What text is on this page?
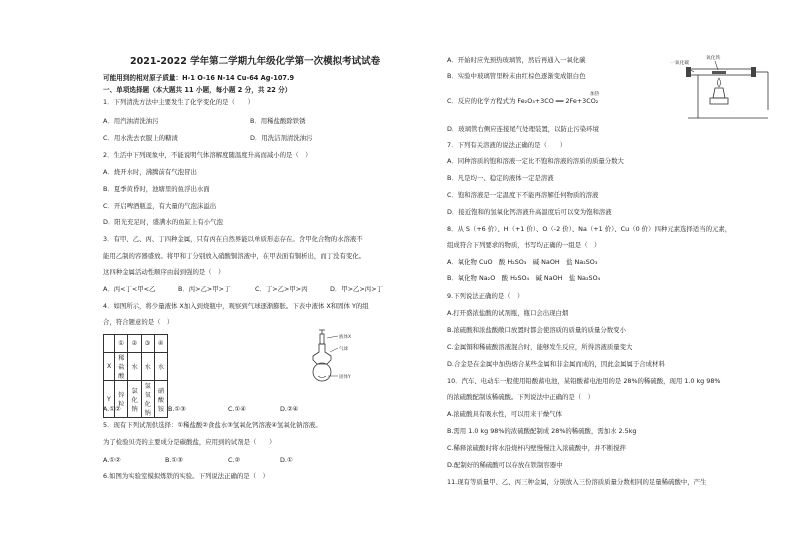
2021-2022 学年第二学期九年级化学第一次模拟考试试卷
可能用到的相对原子质量：H-1 O-16 N-14 Cu-64 Ag-107.9
一、单项选择题（本大题共 11 小题，每小题 2 分，共 22 分）
1．下列清洗方法中主要发生了化学变化的是（　　）
A．用汽油清洗油污	B．用稀盐酸除铁锈
C．用水洗去衣服上的糖渍	D．用洗洁剂清洗油污
2．生活中下列现象中，不能说明气体溶解度随温度升高而减小的是（　）
A．烧开水时，沸腾前有气泡冒出
B．夏季黄昏时，池塘里的鱼浮出水面
C．开启啤酒瓶盖，有大量的气泡沫溢出
D．阳光充足时，盛满水的鱼缸上有小气泡
3．有甲、乙、丙、丁四种金属，只有丙在自然界能以单质形态存在。含甲化合物的水溶液不
能用乙制的容器盛放。将甲和丁分别放入硝酸铜溶液中，在甲表面有铜析出，而丁没有变化。
这四种金属活动性顺序由弱到强的是（　）
A．丙<丁<甲<乙	B．丙>乙>甲>丁	C．丁>乙>甲>丙	D．甲>乙>丙>丁
4．如图所示，将少量液体 X加入到烧瓶中，观察到气球逐渐膨胀。下表中液体 X和固体 Y的组
合，符合题意的是（　）
	①	②	③	④
X	稀盐酸	水	水	水
Y	锌粒	氯化钠	氢氧化钠	硝酸铵
液体X
气球
固体Y
A.①②	B.①③	C.①④	D.②④
5．现有下列试剂供选择：①稀盐酸②食盐水③氢氧化钙溶液④氢氧化钠溶液。
为了检验贝壳的主要成分是碳酸盐，应用到的试剂是（　　）
A.①②	B.①③	C.②	D.①
6.如图为实验室模拟炼铁的实验。下列说法正确的是（　）
A．开始时应先预热玻璃管，然后再通入一氧化碳
B．实验中玻璃管里粉末由红棕色逐渐变成银白色
加热
C．反应的化学方程式为 Fe₂O₃+3CO ══ 2Fe+3CO₂
D．玻璃管右侧应连接尾气处理装置，以防止污染环境
一氧化碳
氧化铁
7．下列有关溶液的说法正确的是（　　）
A．同种溶质的饱和溶液一定比不饱和溶液的溶质的质量分数大
B．凡是均一、稳定的液体一定是溶液
C．饱和溶液是一定温度下不能再溶解任何物质的溶液
D．接近饱和的氢氧化钙溶液升高温度后可以变为饱和溶液
8．从 S（+6 价）、H（+1 价）、O（-2 价）、Na（+1 价）、Cu（0 价）四种元素选择适当的元素，
组成符合下列要求的物质，书写均正确的一组是（　）
A．氧化物 CuO　酸 H₂SO₃　碱 NaOH　盐 Na₂SO₃
B．氧化物 Na₂O　酸 H₂SO₄　碱 NaOH　盐 Na₂SO₄
9.下列说法正确的是（　）
A.打开盛浓盐酸的试剂瓶，瓶口会出现白烟
B.浓硫酸和浓盐酸敞口放置时都会使溶质的质量的质量分数变小
C.金属铜和稀硫酸溶液混合时，能够发生反应，所得溶液质量变大
D.合金是在金属中加热熔合某些金属和非金属而成的，因此金属属于合成材料
10．汽车、电动车一般使用铅酸蓄电池，某铅酸蓄电池用的是 28%的稀硫酸，现用 1.0 kg 98%
的浓硫酸配制该稀硫酸。下列说法中正确的是（　）
A.浓硫酸具有吸水性，可以用来干燥气体
B.需用 1.0 kg 98%的浓硫酸配制成 28%的稀硫酸，需加水 2.5kg
C.稀释浓硫酸时将水沿烧杯内壁慢慢注入浓硫酸中，并不断搅拌
D.配制好的稀硫酸可以存放在铁制容器中
11.现有等质量甲、乙、丙三种金属，分别放入三份溶质质量分数相同的足量稀硫酸中，产生
